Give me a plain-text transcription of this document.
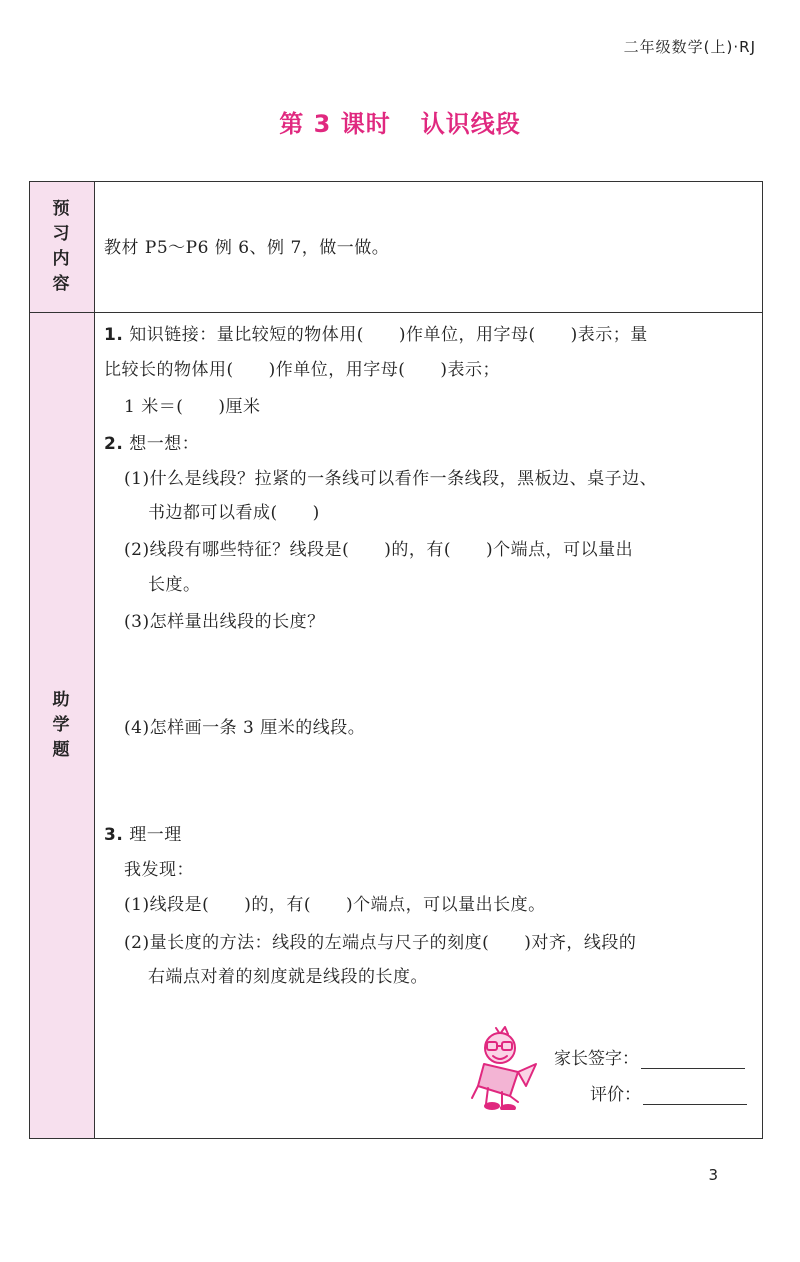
二年级数学(上)·RJ
第 3 课时 认识线段
预习内容
助学题
教材 P5～P6 例 6、例 7，做一做。
1. 知识链接：量比较短的物体用(　　)作单位，用字母(　　)表示；量
比较长的物体用(　　)作单位，用字母(　　)表示；
1 米＝(　　)厘米
2. 想一想：
(1)什么是线段？拉紧的一条线可以看作一条线段，黑板边、桌子边、
书边都可以看成(　　)
(2)线段有哪些特征？线段是(　　)的，有(　　)个端点，可以量出
长度。
(3)怎样量出线段的长度？
(4)怎样画一条 3 厘米的线段。
3. 理一理
我发现：
(1)线段是(　　)的，有(　　)个端点，可以量出长度。
(2)量长度的方法：线段的左端点与尺子的刻度(　　)对齐，线段的
右端点对着的刻度就是线段的长度。
家长签字：
评价：
3
